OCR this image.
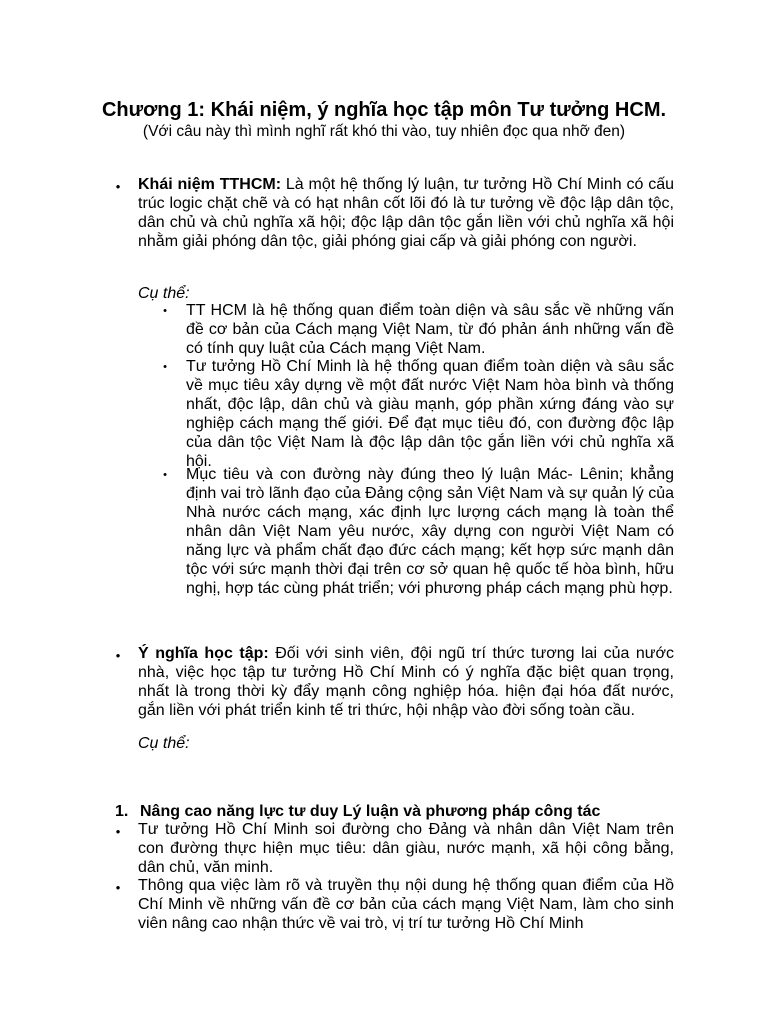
Chương 1: Khái niệm, ý nghĩa học tập môn Tư tưởng HCM.
(Với câu này thì mình nghĩ rất khó thi vào, tuy nhiên đọc qua nhỡ đen)
• Khái niệm TTHCM: Là một hệ thống lý luận, tư tưởng Hồ Chí Minh có cấu trúc logic chặt chẽ và có hạt nhân cốt lõi đó là tư tưởng về độc lập dân tộc, dân chủ và chủ nghĩa xã hội; độc lập dân tộc gắn liền với chủ nghĩa xã hội nhằm giải phóng dân tộc, giải phóng giai cấp và giải phóng con người.
Cụ thể:
• TT HCM là hệ thống quan điểm toàn diện và sâu sắc về những vấn đề cơ bản của Cách mạng Việt Nam, từ đó phản ánh những vấn đề có tính quy luật của Cách mạng Việt Nam.
• Tư tưởng Hồ Chí Minh là hệ thống quan điểm toàn diện và sâu sắc về mục tiêu xây dựng về một đất nước Việt Nam hòa bình và thống nhất, độc lập, dân chủ và giàu mạnh, góp phần xứng đáng vào sự nghiệp cách mạng thế giới. Để đạt mục tiêu đó, con đường độc lập của dân tộc Việt Nam là độc lập dân tộc gắn liền với chủ nghĩa xã hội.
• Mục tiêu và con đường này đúng theo lý luận Mác- Lênin; khẳng định vai trò lãnh đạo của Đảng cộng sản Việt Nam và sự quản lý của Nhà nước cách mạng, xác định lực lượng cách mạng là toàn thể nhân dân Việt Nam yêu nước, xây dựng con người Việt Nam có năng lực và phẩm chất đạo đức cách mạng; kết hợp sức mạnh dân tộc với sức mạnh thời đại trên cơ sở quan hệ quốc tế hòa bình, hữu nghị, hợp tác cùng phát triển; với phương pháp cách mạng phù hợp.
• Ý nghĩa học tập: Đối với sinh viên, đội ngũ trí thức tương lai của nước nhà, việc học tập tư tưởng Hồ Chí Minh có ý nghĩa đặc biệt quan trọng, nhất là trong thời kỳ đẩy mạnh công nghiệp hóa. hiện đại hóa đất nước, gắn liền với phát triển kinh tế tri thức, hội nhập vào đời sống toàn cầu.
Cụ thể:
1. Nâng cao năng lực tư duy Lý luận và phương pháp công tác
• Tư tưởng Hồ Chí Minh soi đường cho Đảng và nhân dân Việt Nam trên con đường thực hiện mục tiêu: dân giàu, nước mạnh, xã hội công bằng, dân chủ, văn minh.
• Thông qua việc làm rõ và truyền thụ nội dung hệ thống quan điểm của Hồ Chí Minh về những vấn đề cơ bản của cách mạng Việt Nam, làm cho sinh viên nâng cao nhận thức về vai trò, vị trí tư tưởng Hồ Chí Minh
